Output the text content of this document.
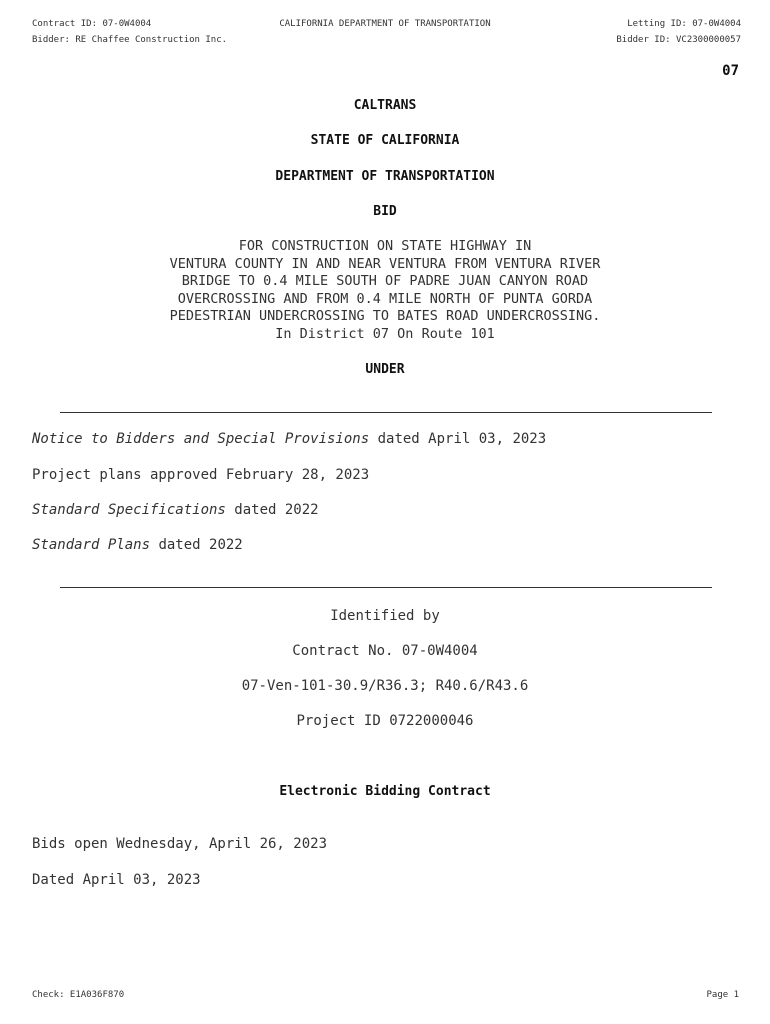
Contract ID: 07-0W4004	CALIFORNIA DEPARTMENT OF TRANSPORTATION	Letting ID: 07-0W4004
Bidder: RE Chaffee Construction Inc.	Bidder ID: VC2300000057
07
CALTRANS
STATE OF CALIFORNIA
DEPARTMENT OF TRANSPORTATION
BID
FOR CONSTRUCTION ON STATE HIGHWAY IN
VENTURA COUNTY IN AND NEAR VENTURA FROM VENTURA RIVER
BRIDGE TO 0.4 MILE SOUTH OF PADRE JUAN CANYON ROAD
OVERCROSSING AND FROM 0.4 MILE NORTH OF PUNTA GORDA
PEDESTRIAN UNDERCROSSING TO BATES ROAD UNDERCROSSING.
In District 07 On Route 101
UNDER
Notice to Bidders and Special Provisions dated April 03, 2023
Project plans approved February 28, 2023
Standard Specifications dated 2022
Standard Plans dated 2022
Identified by
Contract No. 07-0W4004
07-Ven-101-30.9/R36.3; R40.6/R43.6
Project ID 0722000046
Electronic Bidding Contract
Bids open Wednesday, April 26, 2023
Dated April 03, 2023
Check: E1A036F870	Page 1
